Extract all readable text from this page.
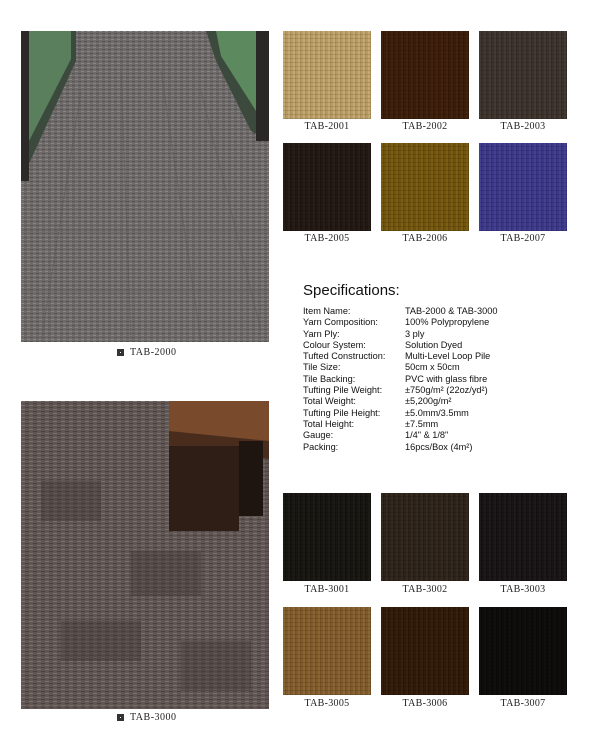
TAB-2000
TAB-3000
TAB-2001	TAB-2002	TAB-2003
TAB-2005	TAB-2006	TAB-2007
Specifications:
Item Name:	TAB-2000 & TAB-3000
Yarn Composition:	100% Polypropylene
Yarn Ply:	3 ply
Colour System:	Solution Dyed
Tufted Construction:	Multi-Level Loop Pile
Tile Size:	50cm x 50cm
Tile Backing:	PVC with glass fibre
Tufting Pile Weight:	±750g/m² (22oz/yd²)
Total Weight:	±5,200g/m²
Tufting Pile Height:	±5.0mm/3.5mm
Total Height:	±7.5mm
Gauge:	1/4" & 1/8"
Packing:	16pcs/Box (4m²)
TAB-3001	TAB-3002	TAB-3003
TAB-3005	TAB-3006	TAB-3007
